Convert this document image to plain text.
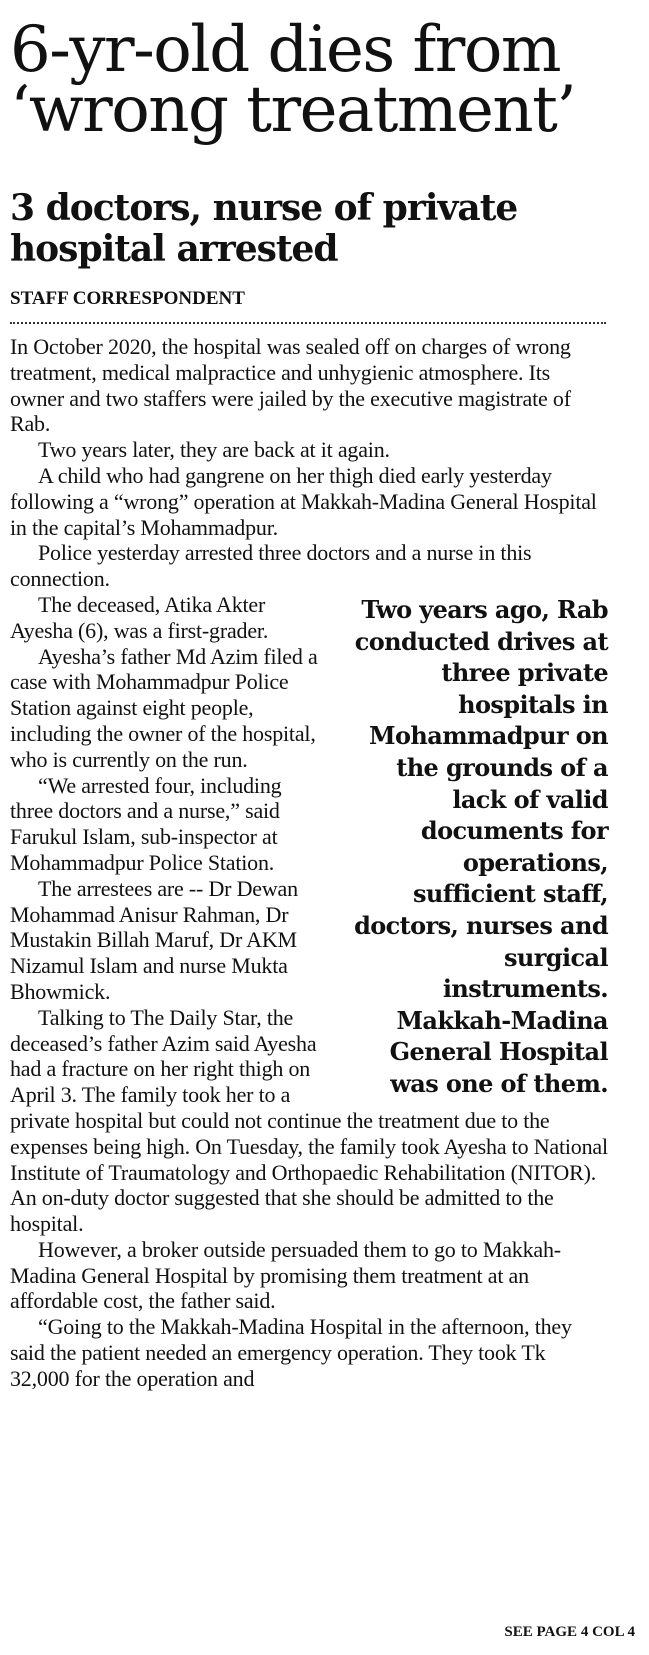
6-yr-old dies from ‘wrong treatment’
3 doctors, nurse of private hospital arrested
STAFF CORRESPONDENT

In October 2020, the hospital was sealed off on charges of wrong treatment, medical malpractice and unhygienic atmosphere. Its owner and two staffers were jailed by the executive magistrate of Rab.

Two years later, they are back at it again.

A child who had gangrene on her thigh died early yesterday following a “wrong” operation at Makkah-Madina General Hospital in the capital’s Mohammadpur.

Police yesterday arrested three doctors and a nurse in this connection.

Two years ago, Rab conducted drives at three private hospitals in Mohammadpur on the grounds of a lack of valid documents for operations, sufficient staff, doctors, nurses and surgical instruments. Makkah-Madina General Hospital was one of them.

The deceased, Atika Akter Ayesha (6), was a first-grader.

Ayesha’s father Md Azim filed a case with Mohammadpur Police Station against eight people, including the owner of the hospital, who is currently on the run.

“We arrested four, including three doctors and a nurse,” said Farukul Islam, sub-inspector at Mohammadpur Police Station.

The arrestees are -- Dr Dewan Mohammad Anisur Rahman, Dr Mustakin Billah Maruf, Dr AKM Nizamul Islam and nurse Mukta Bhowmick.

Talking to The Daily Star, the deceased’s father Azim said Ayesha had a fracture on her right thigh on April 3. The family took her to a private hospital but could not continue the treatment due to the expenses being high. On Tuesday, the family took Ayesha to National Institute of Traumatology and Orthopaedic Rehabilitation (NITOR). An on-duty doctor suggested that she should be admitted to the hospital.

However, a broker outside persuaded them to go to Makkah-Madina General Hospital by promising them treatment at an affordable cost, the father said.

“Going to the Makkah-Madina Hospital in the afternoon, they said the patient needed an emergency operation. They took Tk 32,000 for the operation and

SEE PAGE 4 COL 4
